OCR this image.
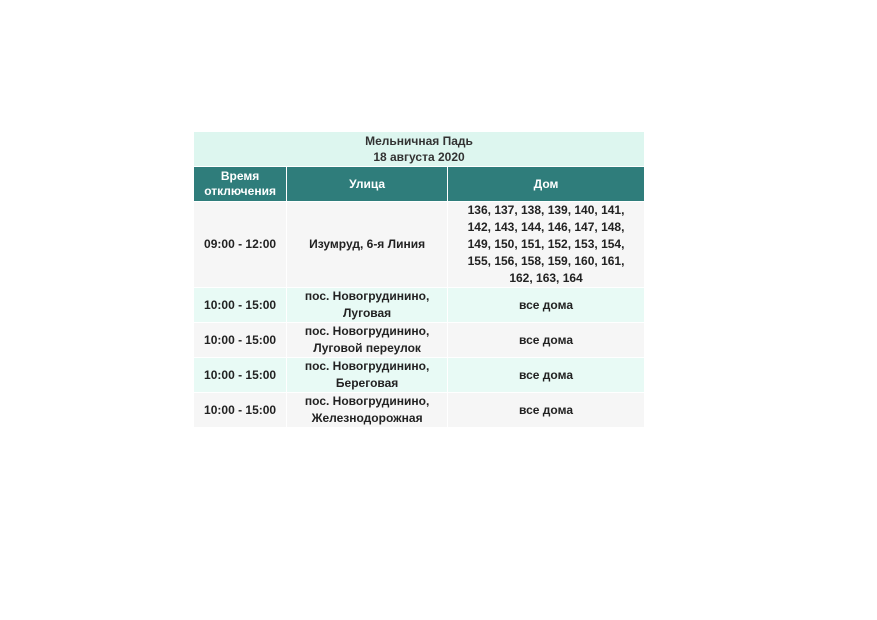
Мельничная Падь
18 августа 2020		

Время отключения	Улица	Дом
09:00 - 12:00	Изумруд, 6-я Линия	136, 137, 138, 139, 140, 141, 142, 143, 144, 146, 147, 148, 149, 150, 151, 152, 153, 154, 155, 156, 158, 159, 160, 161, 162, 163, 164

10:00 - 15:00	пос. Новогрудинино, Луговая	все дома
10:00 - 15:00	пос. Новогрудинино, Луговой переулок	все дома
10:00 - 15:00	пос. Новогрудинино, Береговая	все дома
10:00 - 15:00	пос. Новогрудинино, Железнодорожная	все дома
